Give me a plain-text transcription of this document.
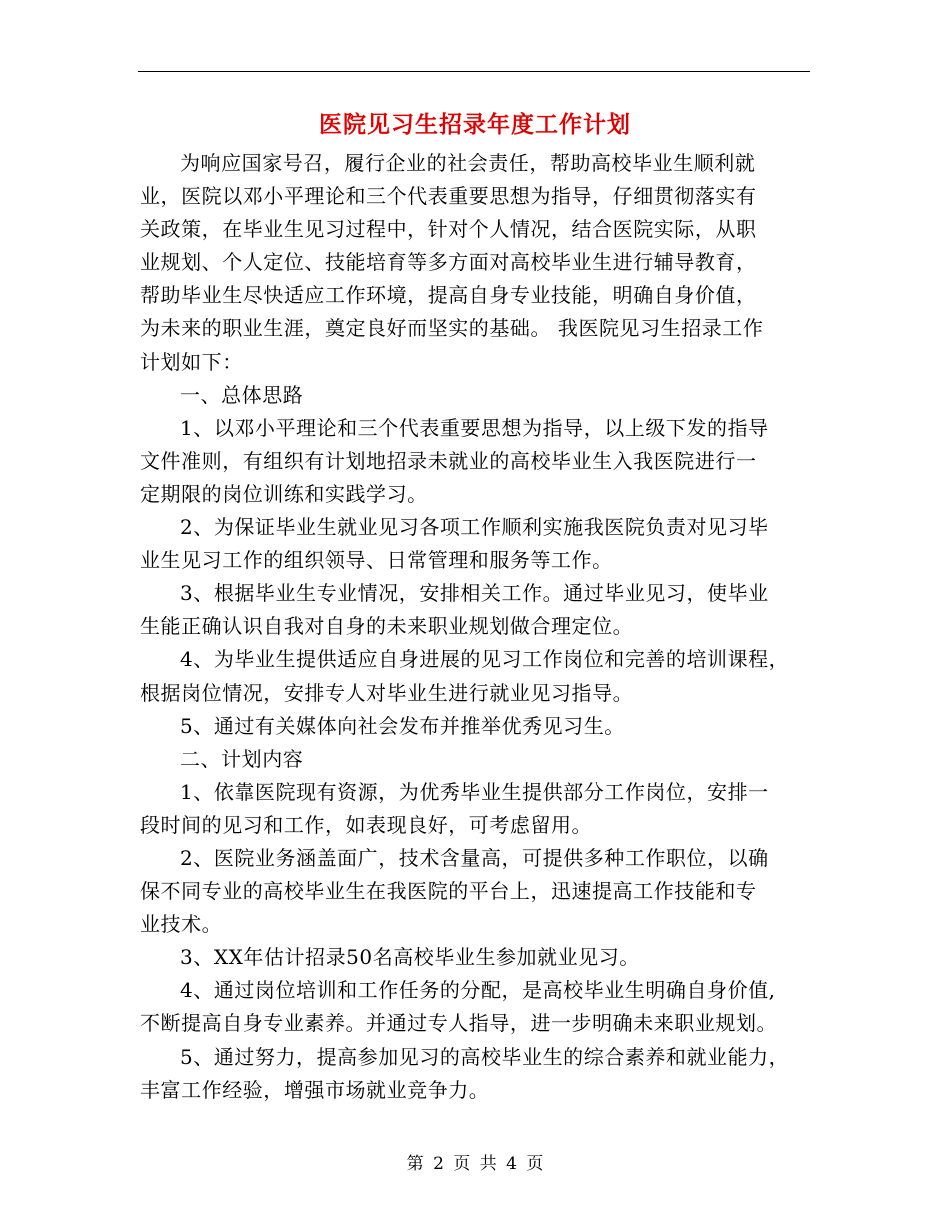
医院见习生招录年度工作计划
为响应国家号召，履行企业的社会责任，帮助高校毕业生顺利就
业，医院以邓小平理论和三个代表重要思想为指导，仔细贯彻落实有
关政策，在毕业生见习过程中，针对个人情况，结合医院实际，从职
业规划、个人定位、技能培育等多方面对高校毕业生进行辅导教育，
帮助毕业生尽快适应工作环境，提高自身专业技能，明确自身价值，
为未来的职业生涯，奠定良好而坚实的基础。 我医院见习生招录工作
计划如下：
一、总体思路
1、以邓小平理论和三个代表重要思想为指导，以上级下发的指导
文件准则，有组织有计划地招录未就业的高校毕业生入我医院进行一
定期限的岗位训练和实践学习。
2、为保证毕业生就业见习各项工作顺利实施我医院负责对见习毕
业生见习工作的组织领导、日常管理和服务等工作。
3、根据毕业生专业情况，安排相关工作。通过毕业见习，使毕业
生能正确认识自我对自身的未来职业规划做合理定位。
4、为毕业生提供适应自身进展的见习工作岗位和完善的培训课程，
根据岗位情况，安排专人对毕业生进行就业见习指导。
5、通过有关媒体向社会发布并推举优秀见习生。
二、计划内容
1、依靠医院现有资源，为优秀毕业生提供部分工作岗位，安排一
段时间的见习和工作，如表现良好，可考虑留用。
2、医院业务涵盖面广，技术含量高，可提供多种工作职位，以确
保不同专业的高校毕业生在我医院的平台上，迅速提高工作技能和专
业技术。
3、XX年估计招录50名高校毕业生参加就业见习。
4、通过岗位培训和工作任务的分配，是高校毕业生明确自身价值,
不断提高自身专业素养。并通过专人指导，进一步明确未来职业规划。
5、通过努力，提高参加见习的高校毕业生的综合素养和就业能力，
丰富工作经验，增强市场就业竞争力。
第 2 页 共 4 页
